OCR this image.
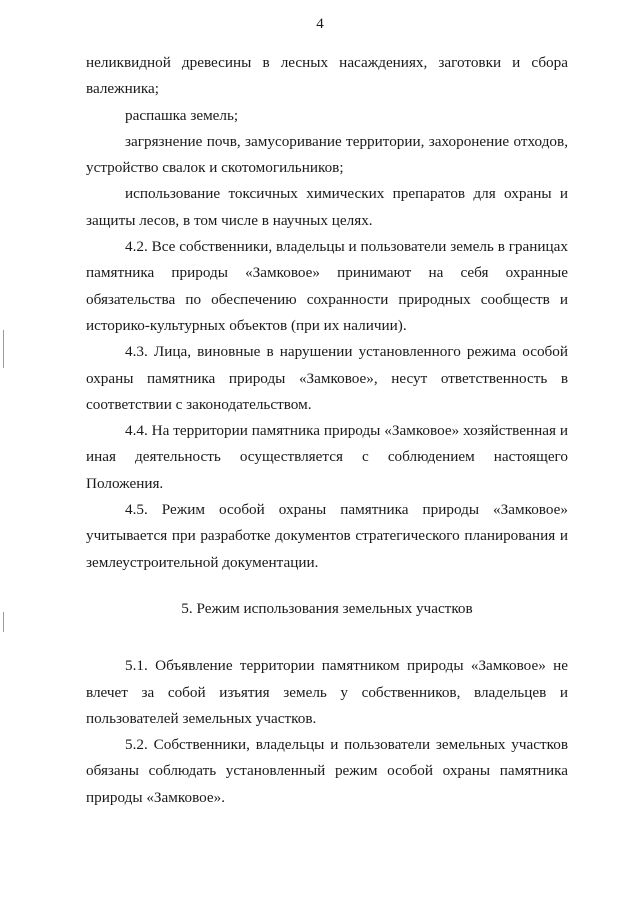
4

неликвидной древесины в лесных насаждениях, заготовки и сбора валежника;

распашка земель;

загрязнение почв, замусоривание территории, захоронение отходов, устройство свалок и скотомогильников;

использование токсичных химических препаратов для охраны и защиты лесов, в том числе в научных целях.

4.2. Все собственники, владельцы и пользователи земель в границах памятника природы «Замковое» принимают на себя охранные обязательства по обеспечению сохранности природных сообществ и историко-культурных объектов (при их наличии).

4.3. Лица, виновные в нарушении установленного режима особой охраны памятника природы «Замковое», несут ответственность в соответствии с законодательством.

4.4. На территории памятника природы «Замковое» хозяйственная и иная деятельность осуществляется с соблюдением настоящего Положения.

4.5. Режим особой охраны памятника природы «Замковое» учитывается при разработке документов стратегического планирования и землеустроительной документации.

5. Режим использования земельных участков

5.1. Объявление территории памятником природы «Замковое» не влечет за собой изъятия земель у собственников, владельцев и пользователей земельных участков.

5.2. Собственники, владельцы и пользователи земельных участков обязаны соблюдать установленный режим особой охраны памятника природы «Замковое».
